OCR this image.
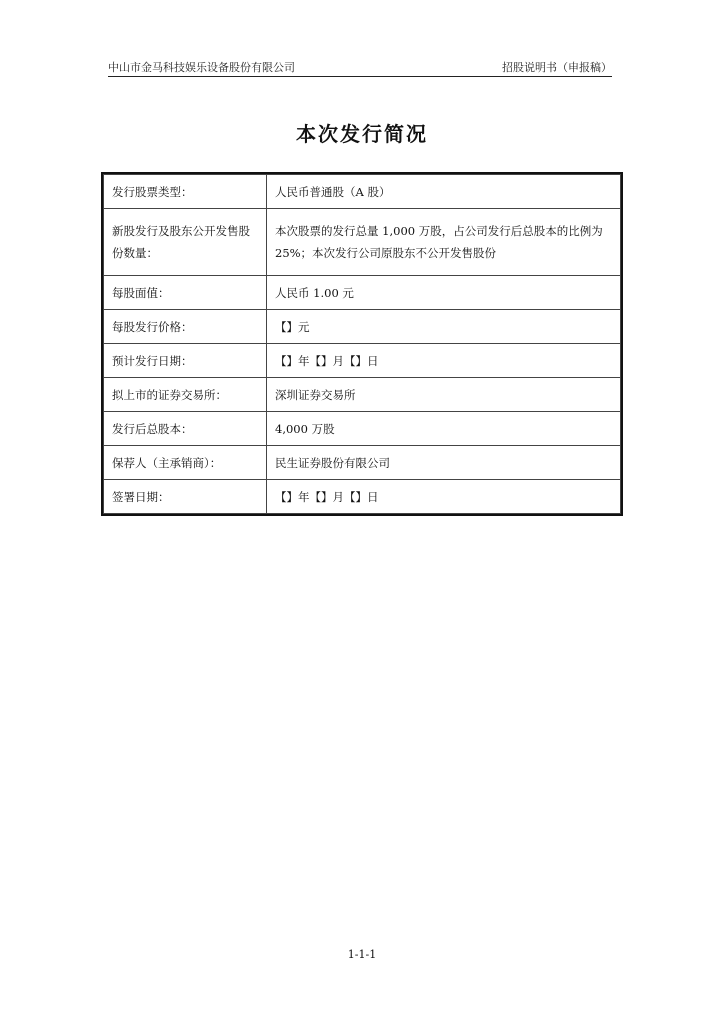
中山市金马科技娱乐设备股份有限公司	招股说明书（申报稿）
本次发行简况
发行股票类型：	人民币普通股（A 股）
新股发行及股东公开发售股份数量：	本次股票的发行总量 1,000 万股，占公司发行后总股本的比例为 25%；本次发行公司原股东不公开发售股份
每股面值：	人民币 1.00 元
每股发行价格：	【】元
预计发行日期：	【】年【】月【】日
拟上市的证券交易所：	深圳证券交易所
发行后总股本：	4,000 万股
保荐人（主承销商）：	民生证券股份有限公司
签署日期：	【】年【】月【】日
1-1-1
